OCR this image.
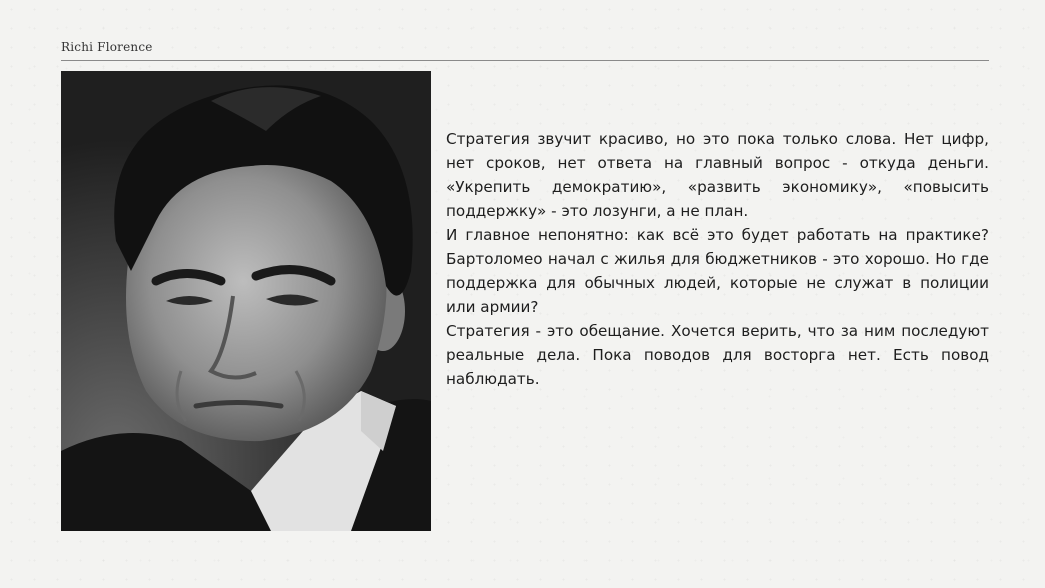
Richi Florence

Стратегия звучит красиво, но это пока только слова. Нет цифр, нет сроков, нет ответа на главный вопрос - откуда деньги. «Укрепить демократию», «развить экономику», «повысить поддержку» - это лозунги, а не план.

И главное непонятно: как всё это будет работать на практике? Бартоломео начал с жилья для бюджетников - это хорошо. Но где поддержка для обычных людей, которые не служат в полиции или армии?

Стратегия - это обещание. Хочется верить, что за ним последуют реальные дела. Пока поводов для восторга нет. Есть повод наблюдать.
